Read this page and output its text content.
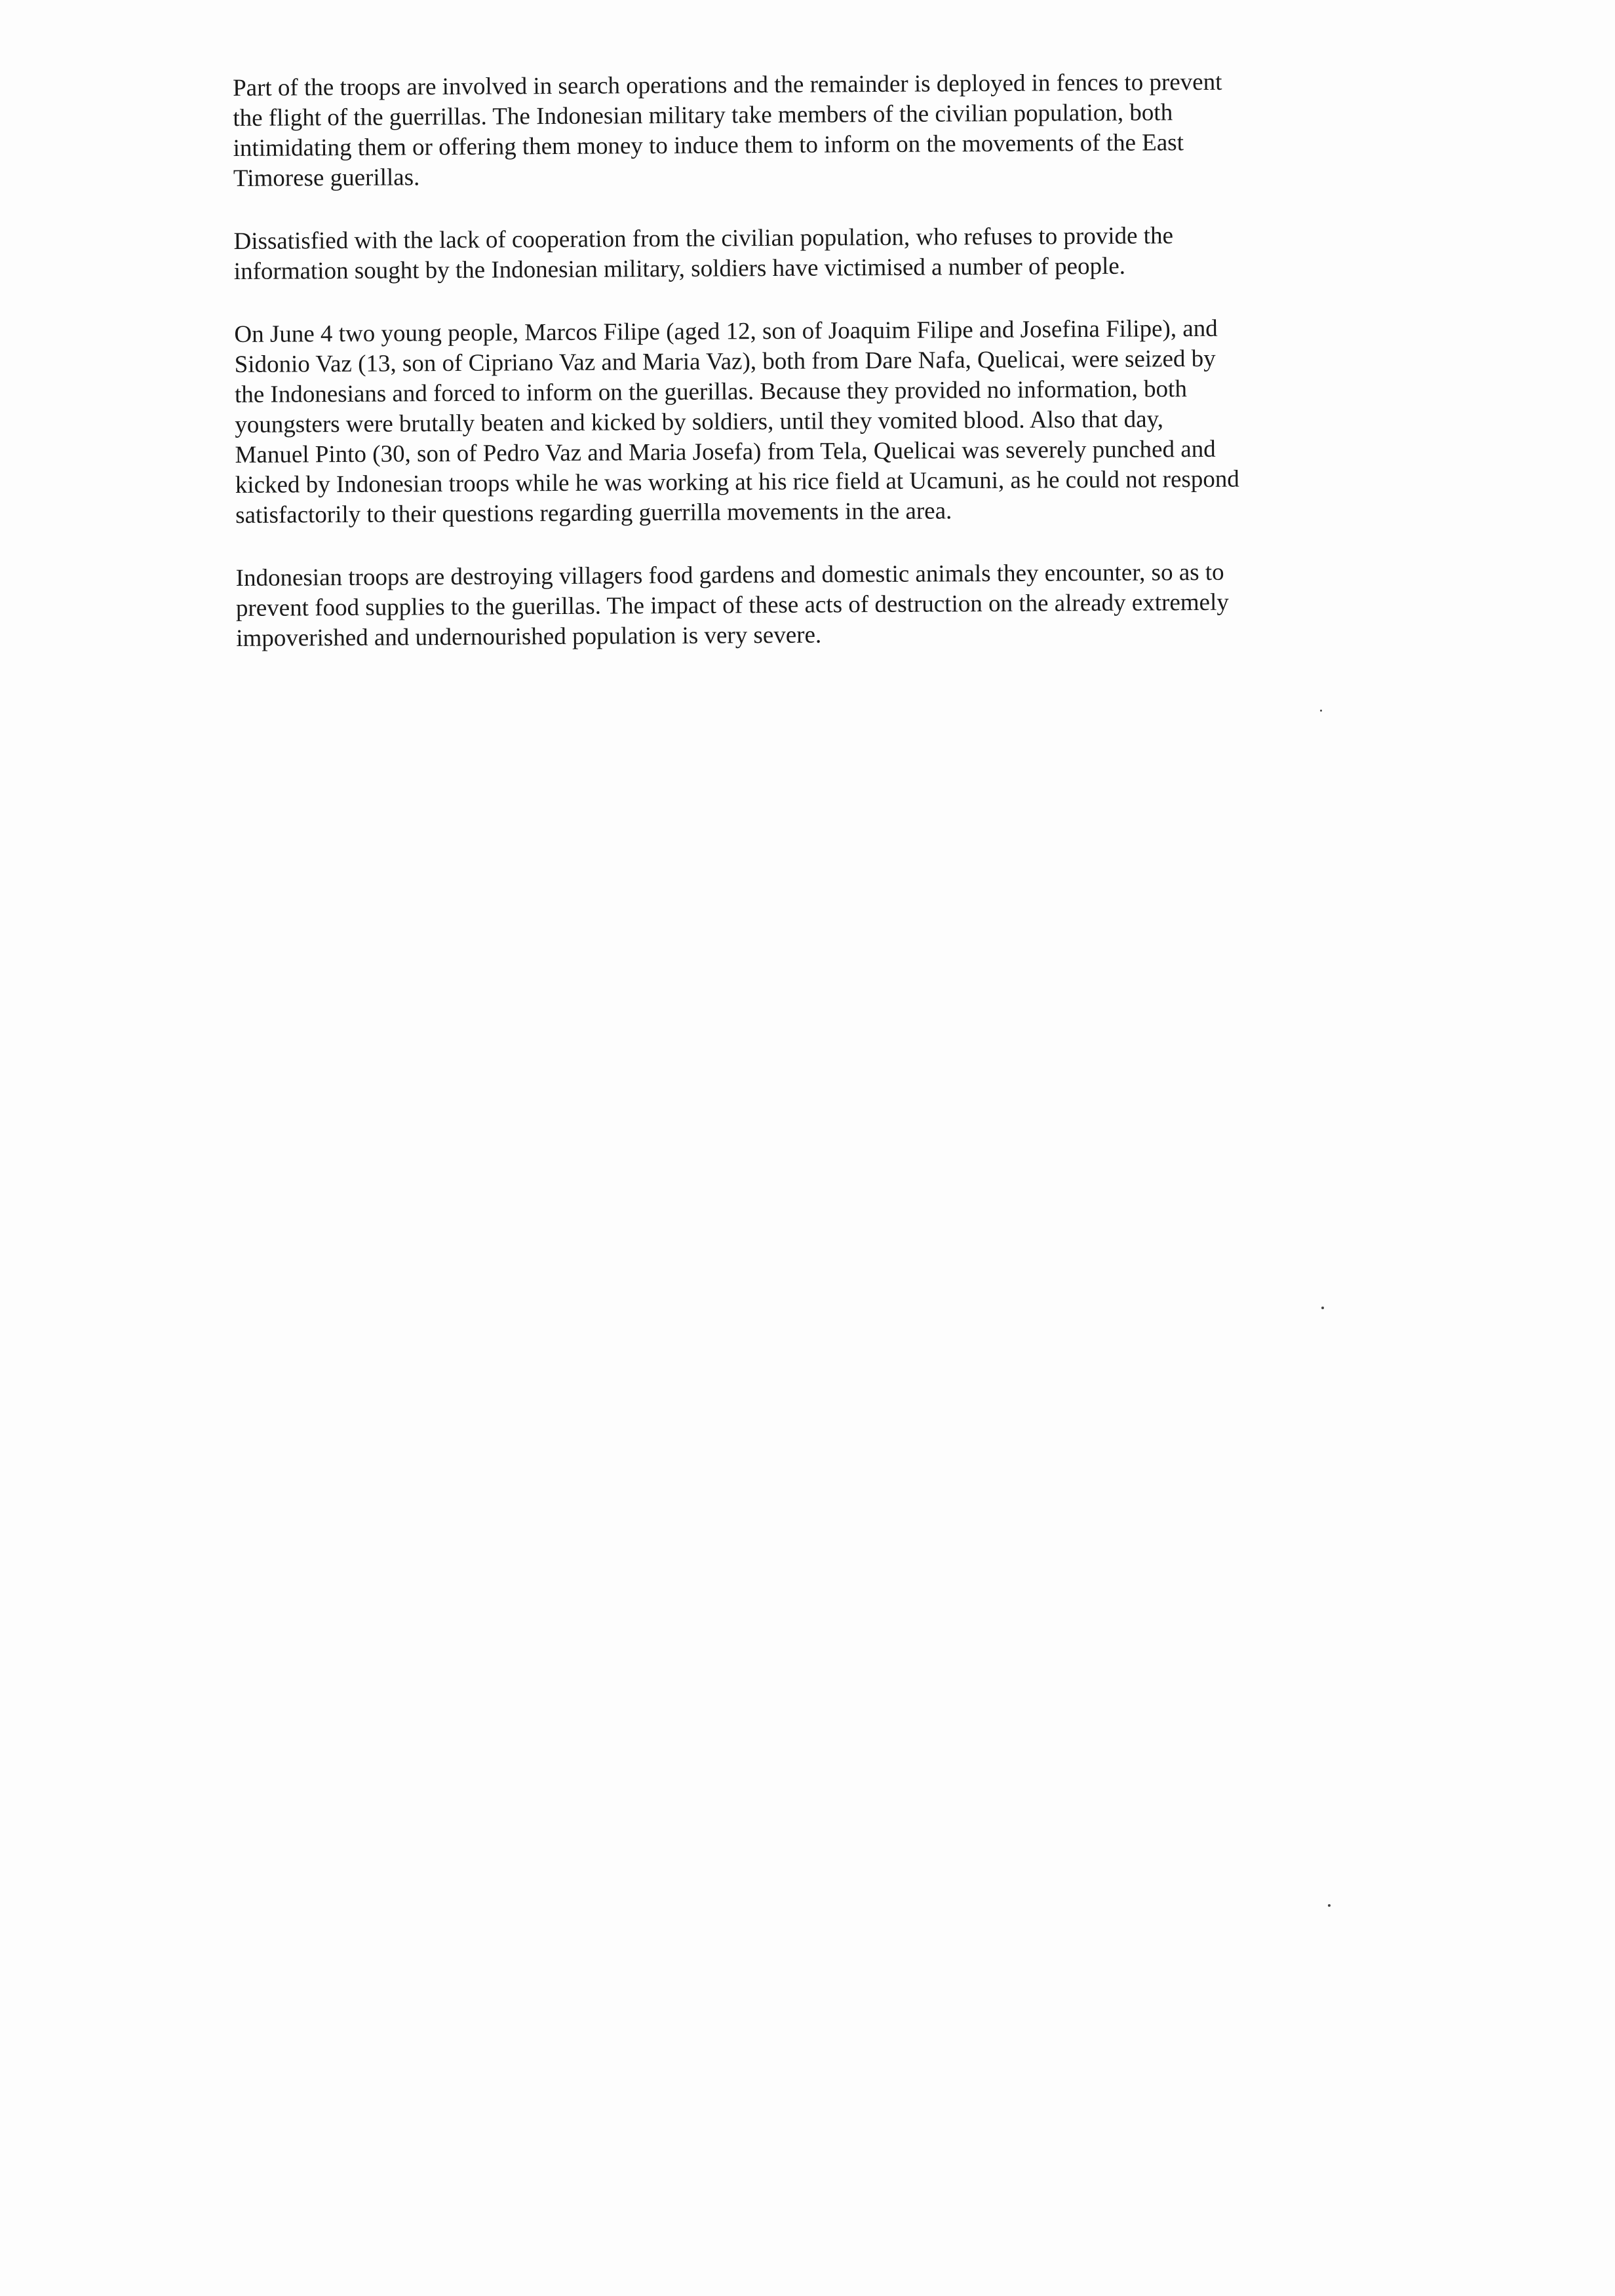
Part of the troops are involved in search operations and the remainder is deployed in fences to prevent
the flight of the guerrillas. The Indonesian military take members of the civilian population, both
intimidating them or offering them money to induce them to inform on the movements of the East
Timorese guerillas.

Dissatisfied with the lack of cooperation from the civilian population, who refuses to provide the
information sought by the Indonesian military, soldiers have victimised a number of people.

On June 4 two young people, Marcos Filipe (aged 12, son of Joaquim Filipe and Josefina Filipe), and
Sidonio Vaz (13, son of Cipriano Vaz and Maria Vaz), both from Dare Nafa, Quelicai, were seized by
the Indonesians and forced to inform on the guerillas. Because they provided no information, both
youngsters were brutally beaten and kicked by soldiers, until they vomited blood. Also that day,
Manuel Pinto (30, son of Pedro Vaz and Maria Josefa) from Tela, Quelicai was severely punched and
kicked by Indonesian troops while he was working at his rice field at Ucamuni, as he could not respond
satisfactorily to their questions regarding guerrilla movements in the area.

Indonesian troops are destroying villagers food gardens and domestic animals they encounter, so as to
prevent food supplies to the guerillas. The impact of these acts of destruction on the already extremely
impoverished and undernourished population is very severe.
